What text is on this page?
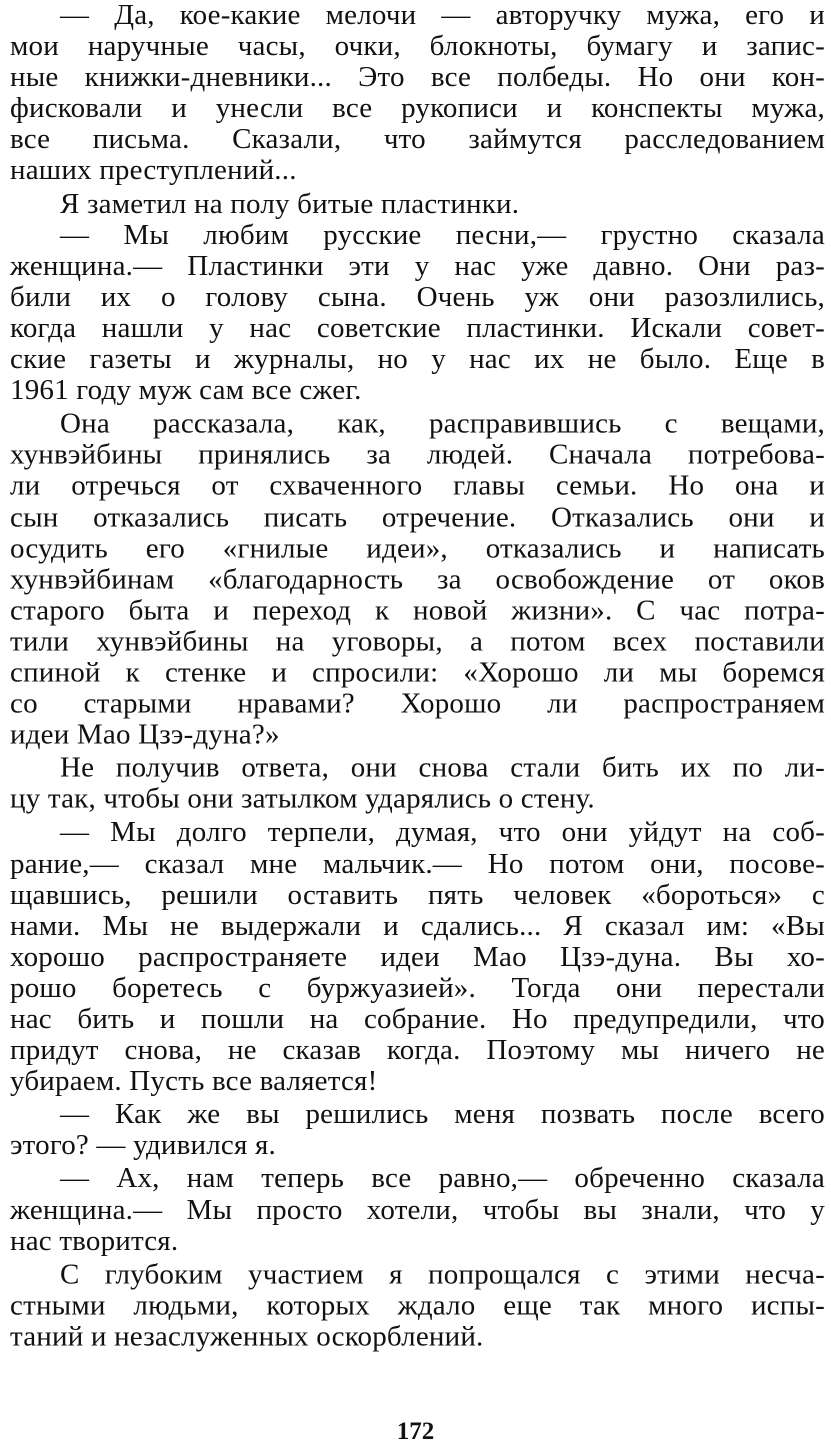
— Да, кое-какие мелочи — авторучку мужа, его и
мои наручные часы, очки, блокноты, бумагу и запис-
ные книжки-дневники... Это все полбеды. Но они кон-
фисковали и унесли все рукописи и конспекты мужа,
все письма. Сказали, что займутся расследованием
наших преступлений...
Я заметил на полу битые пластинки.
— Мы любим русские песни,— грустно сказала
женщина.— Пластинки эти у нас уже давно. Они раз-
били их о голову сына. Очень уж они разозлились,
когда нашли у нас советские пластинки. Искали совет-
ские газеты и журналы, но у нас их не было. Еще в
1961 году муж сам все сжег.
Она рассказала, как, расправившись с вещами,
хунвэйбины принялись за людей. Сначала потребова-
ли отречься от схваченного главы семьи. Но она и
сын отказались писать отречение. Отказались они и
осудить его «гнилые идеи», отказались и написать
хунвэйбинам «благодарность за освобождение от оков
старого быта и переход к новой жизни». С час потра-
тили хунвэйбины на уговоры, а потом всех поставили
спиной к стенке и спросили: «Хорошо ли мы боремся
со старыми нравами? Хорошо ли распространяем
идеи Мао Цзэ-дуна?»
Не получив ответа, они снова стали бить их по ли-
цу так, чтобы они затылком ударялись о стену.
— Мы долго терпели, думая, что они уйдут на соб-
рание,— сказал мне мальчик.— Но потом они, посове-
щавшись, решили оставить пять человек «бороться» с
нами. Мы не выдержали и сдались... Я сказал им: «Вы
хорошо распространяете идеи Мао Цзэ-дуна. Вы хо-
рошо боретесь с буржуазией». Тогда они перестали
нас бить и пошли на собрание. Но предупредили, что
придут снова, не сказав когда. Поэтому мы ничего не
убираем. Пусть все валяется!
— Как же вы решились меня позвать после всего
этого? — удивился я.
— Ах, нам теперь все равно,— обреченно сказала
женщина.— Мы просто хотели, чтобы вы знали, что у
нас творится.
С глубоким участием я попрощался с этими несча-
стными людьми, которых ждало еще так много испы-
таний и незаслуженных оскорблений.
172
